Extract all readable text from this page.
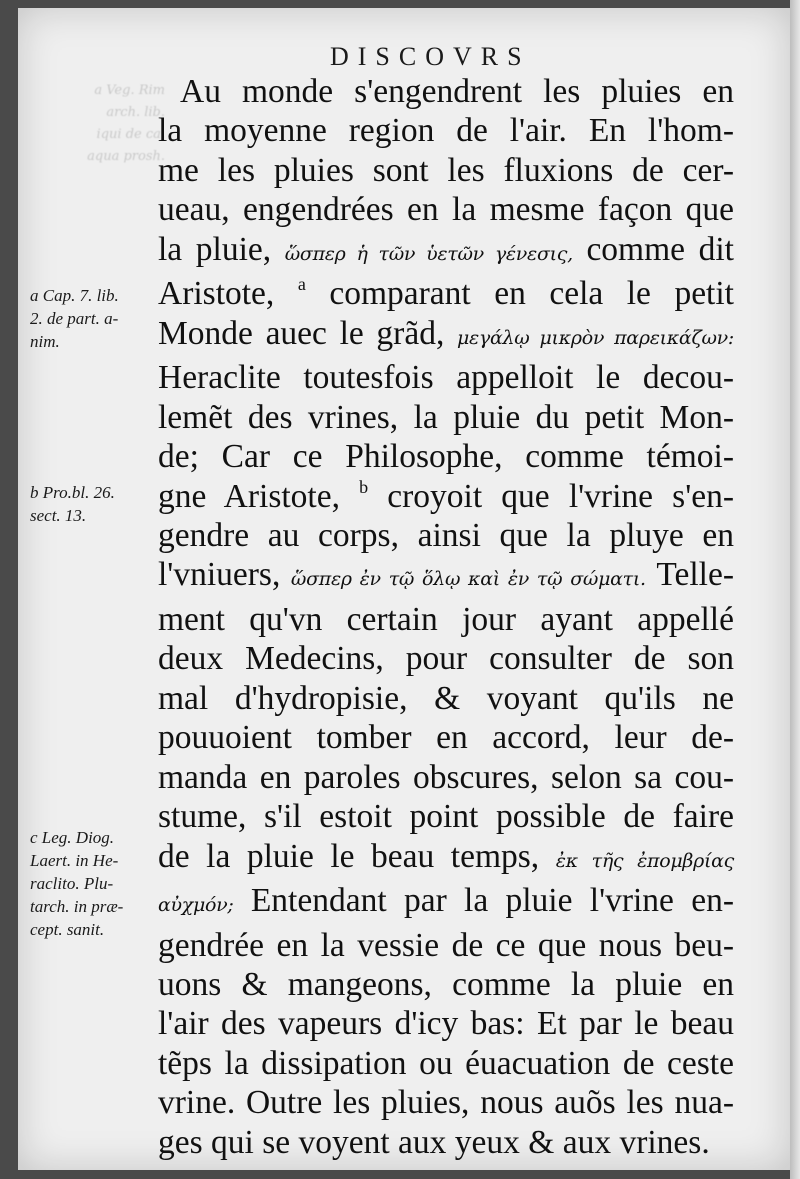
a Veg. Rim
arch. lib.
iqui de ca.
aqua prosh.
DISCOVRS
Au monde s'engendrent les pluies en
la moyenne region de l'air. En l'hom-
me les pluies sont les fluxions de cer-
ueau, engendrées en la mesme façon que
la pluie, ὥσπερ ἡ τῶν ὑετῶν γένεσις, comme dit
Aristote, $^a$ comparant en cela le petit
Monde auec le grãd, μεγάλῳ μικρὸν παρεικάζων:
Heraclite toutesfois appelloit le decou-
lemẽt des vrines, la pluie du petit Mon-
de; Car ce Philosophe, comme témoi-
gne Aristote, $^b$ croyoit que l'vrine s'en-
gendre au corps, ainsi que la pluye en
l'vniuers, ὥσπερ ἐν τῷ ὅλῳ καὶ ἐν τῷ σώματι. Telle-
ment qu'vn certain jour ayant appellé
deux Medecins, pour consulter de son
mal d'hydropisie, & voyant qu'ils ne
pouuoient tomber en accord, leur de-
manda en paroles obscures, selon sa cou-
stume, s'il estoit point possible de faire
de la pluie le beau temps, ἐκ τῆς ἐπομβρίας
αὐχμόν; Entendant par la pluie l'vrine en-
gendrée en la vessie de ce que nous beu-
uons & mangeons, comme la pluie en
l'air des vapeurs d'icy bas: Et par le beau
tẽps la dissipation ou éuacuation de ceste
vrine. Outre les pluies, nous auõs les nua-
ges qui se voyent aux yeux & aux vrines.
a Cap. 7. lib.
2. de part. a-
nim.
b Pro.bl. 26.
sect. 13.
c Leg. Diog.
Laert. in He-
raclito. Plu-
tarch. in præ-
cept. sanit.
